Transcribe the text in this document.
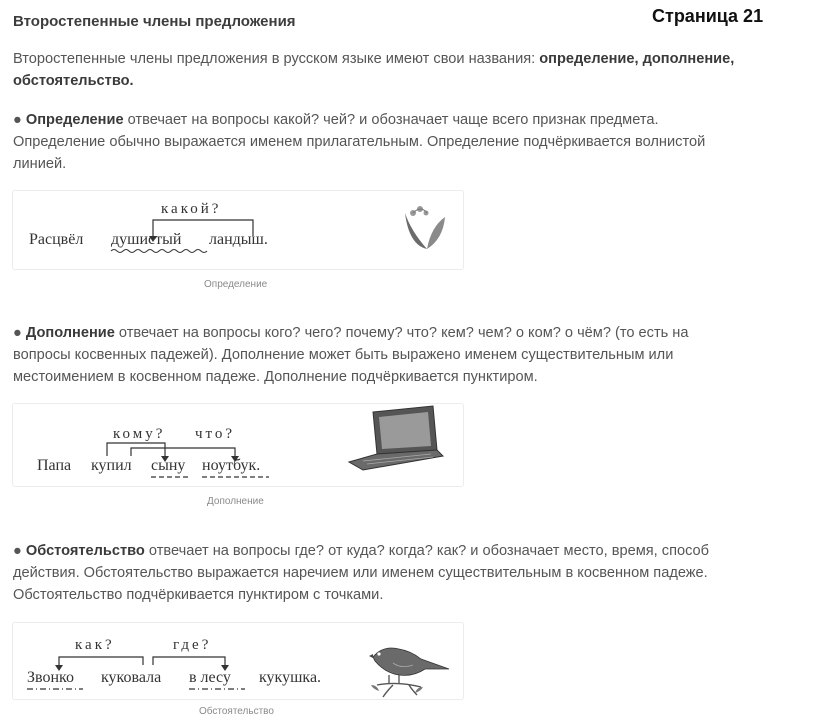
Страница 21
Второстепенные члены предложения
Второстепенные члены предложения в русском языке имеют свои названия: определение, дополнение, обстоятельство.
● Определение отвечает на вопросы какой? чей? и обозначает чаще всего признак предмета.
Определение обычно выражается именем прилагательным. Определение подчёркивается волнистой
линией.
какой?
Расцвёл душистый ландыш.
Определение
● Дополнение отвечает на вопросы кого? чего? почему? что? кем? чем? о ком? о чём? (то есть на
вопросы косвенных падежей). Дополнение может быть выражено именем существительным или
местоимением в косвенном падеже. Дополнение подчёркивается пунктиром.
кому? что?
Папа купил сыну ноутбук.
Дополнение
● Обстоятельство отвечает на вопросы где? от куда? когда? как? и обозначает место, время, способ
действия. Обстоятельство выражается наречием или именем существительным в косвенном падеже.
Обстоятельство подчёркивается пунктиром с точками.
как?	где?
Звонко куковала в лесу кукушка.
Обстоятельство
